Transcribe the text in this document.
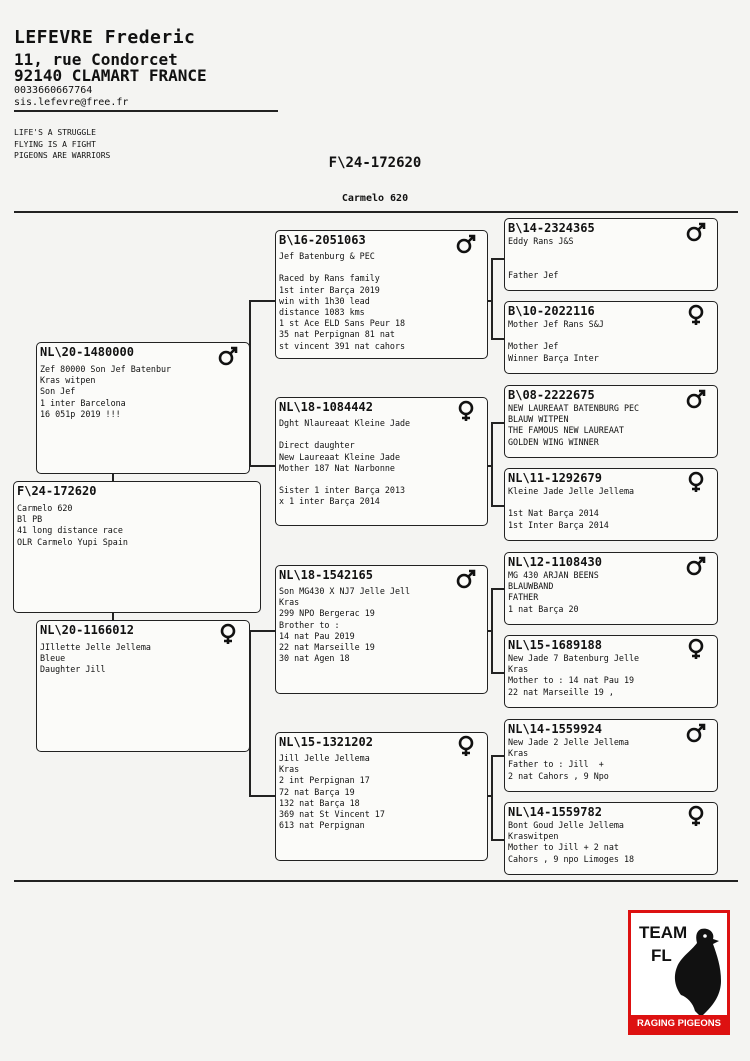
LEFEVRE Frederic
11, rue Condorcet
92140 CLAMART FRANCE
0033660667764
sis.lefevre@free.fr
LIFE'S A STRUGGLE
FLYING IS A FIGHT
PIGEONS ARE WARRIORS	F\24-172620
Carmelo 620
F\24-172620
Carmelo 620
Bl PB
41 long distance race
OLR Carmelo Yupi Spain
NL\20-1480000
Zef 80000 Son Jef Batenbur
Kras witpen
Son Jef
1 inter Barcelona
16 051p 2019 !!!
NL\20-1166012
JIllette Jelle Jellema
Bleue
Daughter Jill
B\16-2051063
Jef Batenburg & PEC

Raced by Rans family
1st inter Barça 2019
win with 1h30 lead
distance 1083 kms
1 st Ace ELD Sans Peur 18
35 nat Perpignan 81 nat
st vincent 391 nat cahors
NL\18-1084442
Dght Nlaureaat Kleine Jade

Direct daughter
New Laureaat Kleine Jade
Mother 187 Nat Narbonne

Sister 1 inter Barça 2013
x 1 inter Barça 2014
NL\18-1542165
Son MG430 X NJ7 Jelle Jell
Kras
299 NPO Bergerac 19
Brother to :
14 nat Pau 2019
22 nat Marseille 19
30 nat Agen 18
NL\15-1321202
Jill Jelle Jellema
Kras
2 int Perpignan 17
72 nat Barça 19
132 nat Barça 18
369 nat St Vincent 17
613 nat Perpignan
B\14-2324365
Eddy Rans J&S

Father Jef
B\10-2022116
Mother Jef Rans S&J

Mother Jef
Winner Barça Inter
B\08-2222675
NEW LAUREAAT BATENBURG PEC
BLAUW WITPEN
THE FAMOUS NEW LAUREAAT
GOLDEN WING WINNER
NL\11-1292679
Kleine Jade Jelle Jellema

1st Nat Barça 2014
1st Inter Barça 2014
NL\12-1108430
MG 430 ARJAN BEENS
BLAUWBAND
FATHER
1 nat Barça 20
NL\15-1689188
New Jade 7 Batenburg Jelle
Kras
Mother to : 14 nat Pau 19
22 nat Marseille 19 ,
NL\14-1559924
New Jade 2 Jelle Jellema
Kras
Father to : Jill  +
2 nat Cahors , 9 Npo
NL\14-1559782
Bont Goud Jelle Jellema
Kraswitpen
Mother to Jill + 2 nat
Cahors , 9 npo Limoges 18
TEAM
FL
RAGING PIGEONS
